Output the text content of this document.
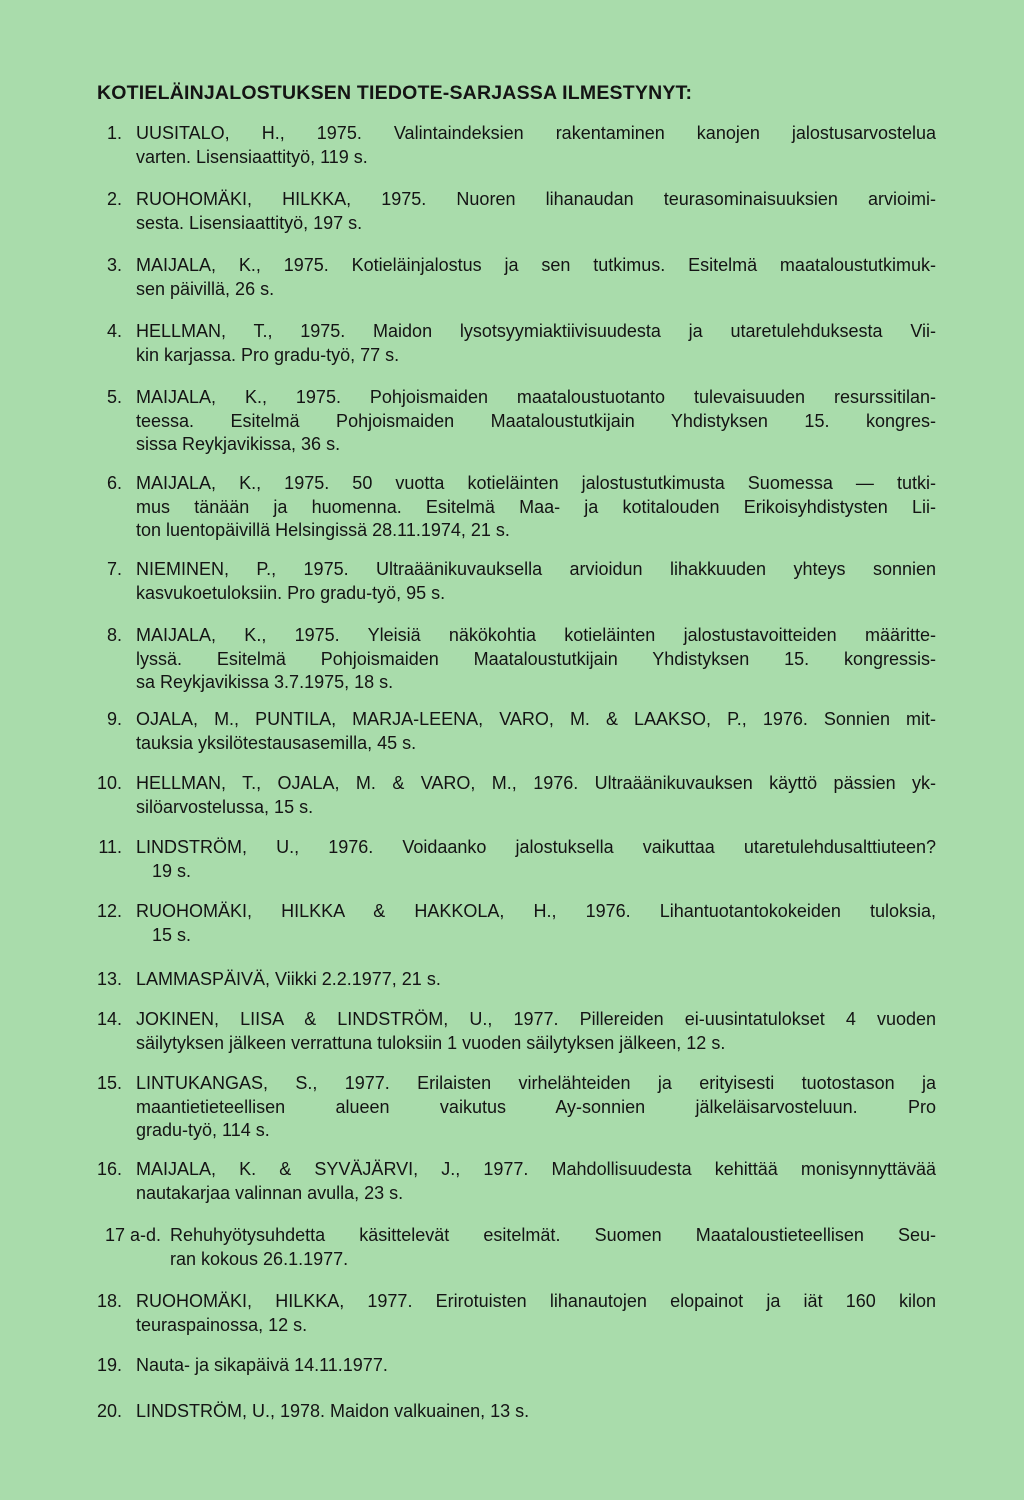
KOTIELÄINJALOSTUKSEN TIEDOTE-SARJASSA ILMESTYNYT:
1. UUSITALO, H., 1975. Valintaindeksien rakentaminen kanojen jalostusarvostelua
varten. Lisensiaattityö, 119 s.
2. RUOHOMÄKI, HILKKA, 1975. Nuoren lihanaudan teurasominaisuuksien arvioimi-
sesta. Lisensiaattityö, 197 s.
3. MAIJALA, K., 1975. Kotieläinjalostus ja sen tutkimus. Esitelmä maataloustutkimuk-
sen päivillä, 26 s.
4. HELLMAN, T., 1975. Maidon lysotsyymiaktiivisuudesta ja utaretulehduksesta Vii-
kin karjassa. Pro gradu-työ, 77 s.
5. MAIJALA, K., 1975. Pohjoismaiden maataloustuotanto tulevaisuuden resurssitilan-
teessa. Esitelmä Pohjoismaiden Maataloustutkijain Yhdistyksen 15. kongres-
sissa Reykjavikissa, 36 s.
6. MAIJALA, K., 1975. 50 vuotta kotieläinten jalostustutkimusta Suomessa — tutki-
mus tänään ja huomenna. Esitelmä Maa- ja kotitalouden Erikoisyhdistysten Lii-
ton luentopäivillä Helsingissä 28.11.1974, 21 s.
7. NIEMINEN, P., 1975. Ultraäänikuvauksella arvioidun lihakkuuden yhteys sonnien
kasvukoetuloksiin. Pro gradu-työ, 95 s.
8. MAIJALA, K., 1975. Yleisiä näkökohtia kotieläinten jalostustavoitteiden määritte-
lyssä. Esitelmä Pohjoismaiden Maataloustutkijain Yhdistyksen 15. kongressis-
sa Reykjavikissa 3.7.1975, 18 s.
9. OJALA, M., PUNTILA, MARJA-LEENA, VARO, M. & LAAKSO, P., 1976. Sonnien mit-
tauksia yksilötestausasemilla, 45 s.
10. HELLMAN, T., OJALA, M. & VARO, M., 1976. Ultraäänikuvauksen käyttö pässien yk-
silöarvostelussa, 15 s.
11. LINDSTRÖM, U., 1976. Voidaanko jalostuksella vaikuttaa utaretulehdusalttiuteen?
19 s.
12. RUOHOMÄKI, HILKKA & HAKKOLA, H., 1976. Lihantuotantokokeiden tuloksia,
15 s.
13. LAMMASPÄIVÄ, Viikki 2.2.1977, 21 s.
14. JOKINEN, LIISA & LINDSTRÖM, U., 1977. Pillereiden ei-uusintatulokset 4 vuoden
säilytyksen jälkeen verrattuna tuloksiin 1 vuoden säilytyksen jälkeen, 12 s.
15. LINTUKANGAS, S., 1977. Erilaisten virhelähteiden ja erityisesti tuotostason ja
maantietieteellisen alueen vaikutus Ay-sonnien jälkeläisarvosteluun. Pro
gradu-työ, 114 s.
16. MAIJALA, K. & SYVÄJÄRVI, J., 1977. Mahdollisuudesta kehittää monisynnyttävää
nautakarjaa valinnan avulla, 23 s.
17 a-d. Rehuhyötysuhdetta käsittelevät esitelmät. Suomen Maataloustieteellisen Seu-
ran kokous 26.1.1977.
18. RUOHOMÄKI, HILKKA, 1977. Erirotuisten lihanautojen elopainot ja iät 160 kilon
teuraspainossa, 12 s.
19. Nauta- ja sikapäivä 14.11.1977.
20. LINDSTRÖM, U., 1978. Maidon valkuainen, 13 s.
